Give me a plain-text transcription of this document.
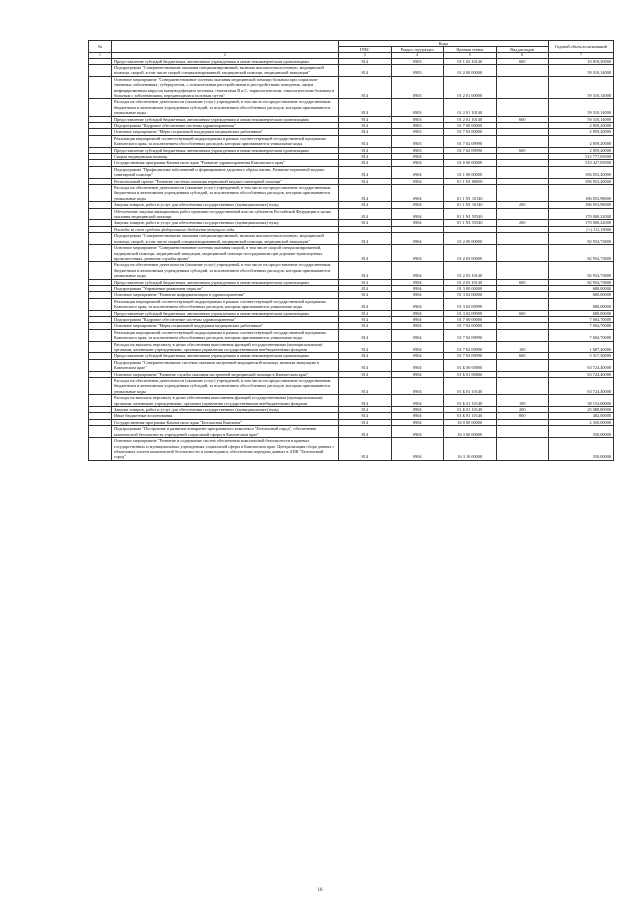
№		Коды				Годовой объем ассигнований
		ГРБС	Раздел, под-раздел	Целевая статья	Вид расходов	
1	2	3	4	5	6	7
	Предоставление субсидий бюджетным, автономным учреждениям и иным некоммерческим организациям	814	0903	01 1 02 10140	600	10 818,30000
	Подпрограмма "Совершенствование оказания специализированной, включая высокотехнологичную, медицинской помощи, скорой, в том числе скорой специализированной, медицинской помощи, медицинской эвакуации"	814	0903	01 2 00 00000		59 310,14000
	Основное мероприятие "Совершенствование системы оказания медицинской помощи больным при социально-значимых заболеваниях, туберкулезом, с психическими расстройствами и расстройствами поведения, лицам инфицированным вирусом иммунодефицита человека, гепатитами В и С, наркологическим, онкологическим больным и больным с заболеваниями, передающимися половым путем"	814	0903	01 2 01 00000		59 310,14000
	Расходы на обеспечение деятельности (оказание услуг) учреждений, в том числе на предоставление государственным бюджетным и автономным учреждениям субсидий, за исключением обособленных расходов, которым присваиваются уникальные коды	814	0903	01 2 01 10140		59 310,14000
	Предоставление субсидий бюджетным, автономным учреждениям и иным некоммерческим организациям	814	0903	01 2 01 10140	600	59 310,14000
	Подпрограмма "Кадровое обеспечение системы здравоохранения"	814	0903	01 7 00 00000		2 859,20000
	Основное мероприятие "Меры социальной поддержки медицинских работников"	814	0903	01 7 02 00000		2 859,20000
	Реализация мероприятий соответствующей подпрограммы в рамках соответствующей государственной программы Камчатского края, за исключением обособленных расходов, которым присваиваются уникальные коды	814	0903	01 7 02 09990		2 859,20000
	Предоставление субсидий бюджетным, автономным учреждениям и иным некоммерческим организациям	814	0903	01 7 02 09990	600	2 859,20000
	Скорая медицинская помощь	814	0904			512 777,05000
	Государственная программа Камчатского края "Развитие здравоохранения Камчатского края"	814	0904	01 0 00 00000		510 427,05000
	Подпрограмма "Профилактика заболеваний и формирование здорового образа жизни. Развитие первичной медико-санитарной помощи"	814	0904	01 1 00 00000		356 053,20000
	Региональный проект "Развитие системы оказания первичной медико-санитарной помощи"	814	0904	01 1 N1 00000		356 053,20000
	Расходы на обеспечение деятельности (оказание услуг) учреждений, в том числе на предоставление государственным бюджетным и автономным учреждениям субсидий, за исключением обособленных расходов, которым присваиваются уникальные коды	814	0904	01 1 N1 10140		186 053,98000
	Закупка товаров, работ и услуг для обеспечения государственных (муниципальных) нужд	814	0904	01 1 N1 10140	200	186 053,98000
	Обеспечение закупки авиационных работ органами государственной власти субъектов Российской Федерации в целях оказания медицинской помощи	814	0904	01 1 N1 55540		170 000,22000
	Закупка товаров, работ и услуг для обеспечения государственных (муниципальных) нужд	814	0904	01 1 N1 55540	200	170 000,22000
	Расходы за счет средств федерального бюджета текущего года					(+) 111,19000
	Подпрограмма "Совершенствование оказания специализированной, включая высокотехнологичную, медицинской помощи, скорой, в том числе скорой специализированной, медицинской помощи, медицинской эвакуации"	814	0904	01 2 00 00000		82 954,73800
	Основное мероприятие "Совершенствование системы оказания скорой, в том числе скорой специализированной, медицинской помощи, медицинской эвакуации, медицинской помощи пострадавшим при дорожно-транспортных происшествиях, развитие службы крови"	814	0904	01 2 03 00000		82 954,73800
	Расходы на обеспечение деятельности (оказание услуг) учреждений, в том числе на предоставление государственным бюджетным и автономным учреждениям субсидий, за исключением обособленных расходов, которым присваиваются уникальные коды	814	0904	01 2 03 10140		82 954,73800
	Предоставление субсидий бюджетным, автономным учреждениям и иным некоммерческим организациям	814	0904	01 2 03 10140	600	82 954,73800
	Подпрограмма "Управление развитием отрасли"	814	0904	01 3 00 00000		680,00000
	Основное мероприятие "Развитие информатизации в здравоохранении"	814	0904	01 3 02 00000		680,00000
	Реализация мероприятий соответствующей подпрограммы в рамках соответствующей государственной программы Камчатского края, за исключением обособленных расходов, которым присваиваются уникальные коды	814	0904	01 3 02 09990		680,00000
	Предоставление субсидий бюджетным, автономным учреждениям и иным некоммерческим организациям	814	0904	01 3 02 09990	600	680,00000
	Подпрограмма "Кадровое обеспечение системы здравоохранения"	814	0904	01 7 00 00000		7 004,70000
	Основное мероприятие "Меры социальной поддержки медицинских работников"	814	0904	01 7 02 00000		7 004,70000
	Реализация мероприятий соответствующей подпрограммы в рамках соответствующей государственной программы Камчатского края, за исключением обособленных расходов, которым присваиваются уникальные коды	814	0904	01 7 02 09990		7 004,70000
	Расходы на выплаты персоналу в целях обеспечения выполнения функций государственными (муниципальными) органами, казенными учреждениями, органами управления государственными внебюджетными фондами	814	0904	01 7 02 09990	100	1 687,40000
	Предоставление субсидий бюджетным, автономным учреждениям и иным некоммерческим организациям	814	0904	01 7 02 09990	600	5 317,30000
	Подпрограмма "Совершенствование системы оказания экстренной медицинской помощи, включая эвакуацию в Камчатском крае"	814	0904	01 Б 00 00000		63 724,40000
	Основное мероприятие "Развитие службы оказания экстренной медицинской помощи в Камчатском крае"	814	0904	01 Б 01 00000		63 724,40000
	Расходы на обеспечение деятельности (оказание услуг) учреждений, в том числе на предоставление государственным бюджетным и автономным учреждениям субсидий, за исключением обособленных расходов, которым присваиваются уникальные коды	814	0904	01 Б 01 10140		63 724,40000
	Расходы на выплаты персоналу в целях обеспечения выполнения функций государственными (муниципальными) органами, казенными учреждениями, органами управления государственными внебюджетными фондами	814	0904	01 Б 01 10140	100	38 153,60000
	Закупка товаров, работ и услуг для обеспечения государственных (муниципальных) нужд	814	0904	01 Б 01 10140	200	25 088,80000
	Иные бюджетные ассигнования	814	0904	01 Б 01 10140	800	482,00000
	Государственная программа Камчатского края "Безопасная Камчатка"	814	0904	16 0 00 00000		2 350,00000
	Подпрограмма "Построение и развитие аппаратно-программного комплекса "Безопасный город", обеспечение комплексной безопасности учреждений социальной сферы в Камчатском крае"	814	0904	16 3 00 00000		350,00000
	Основное мероприятие "Развитие и содержание систем обеспечения комплексной безопасности в краевых государственных и муниципальных учреждениях социальной сферы в Камчатском крае. Централизация сбора данных с объектовых систем комплексной безопасности и мониторинга, обеспечение передачи данных в АПК "Безопасный город"	814	0904	16 3 10 00000		350,00000
16
